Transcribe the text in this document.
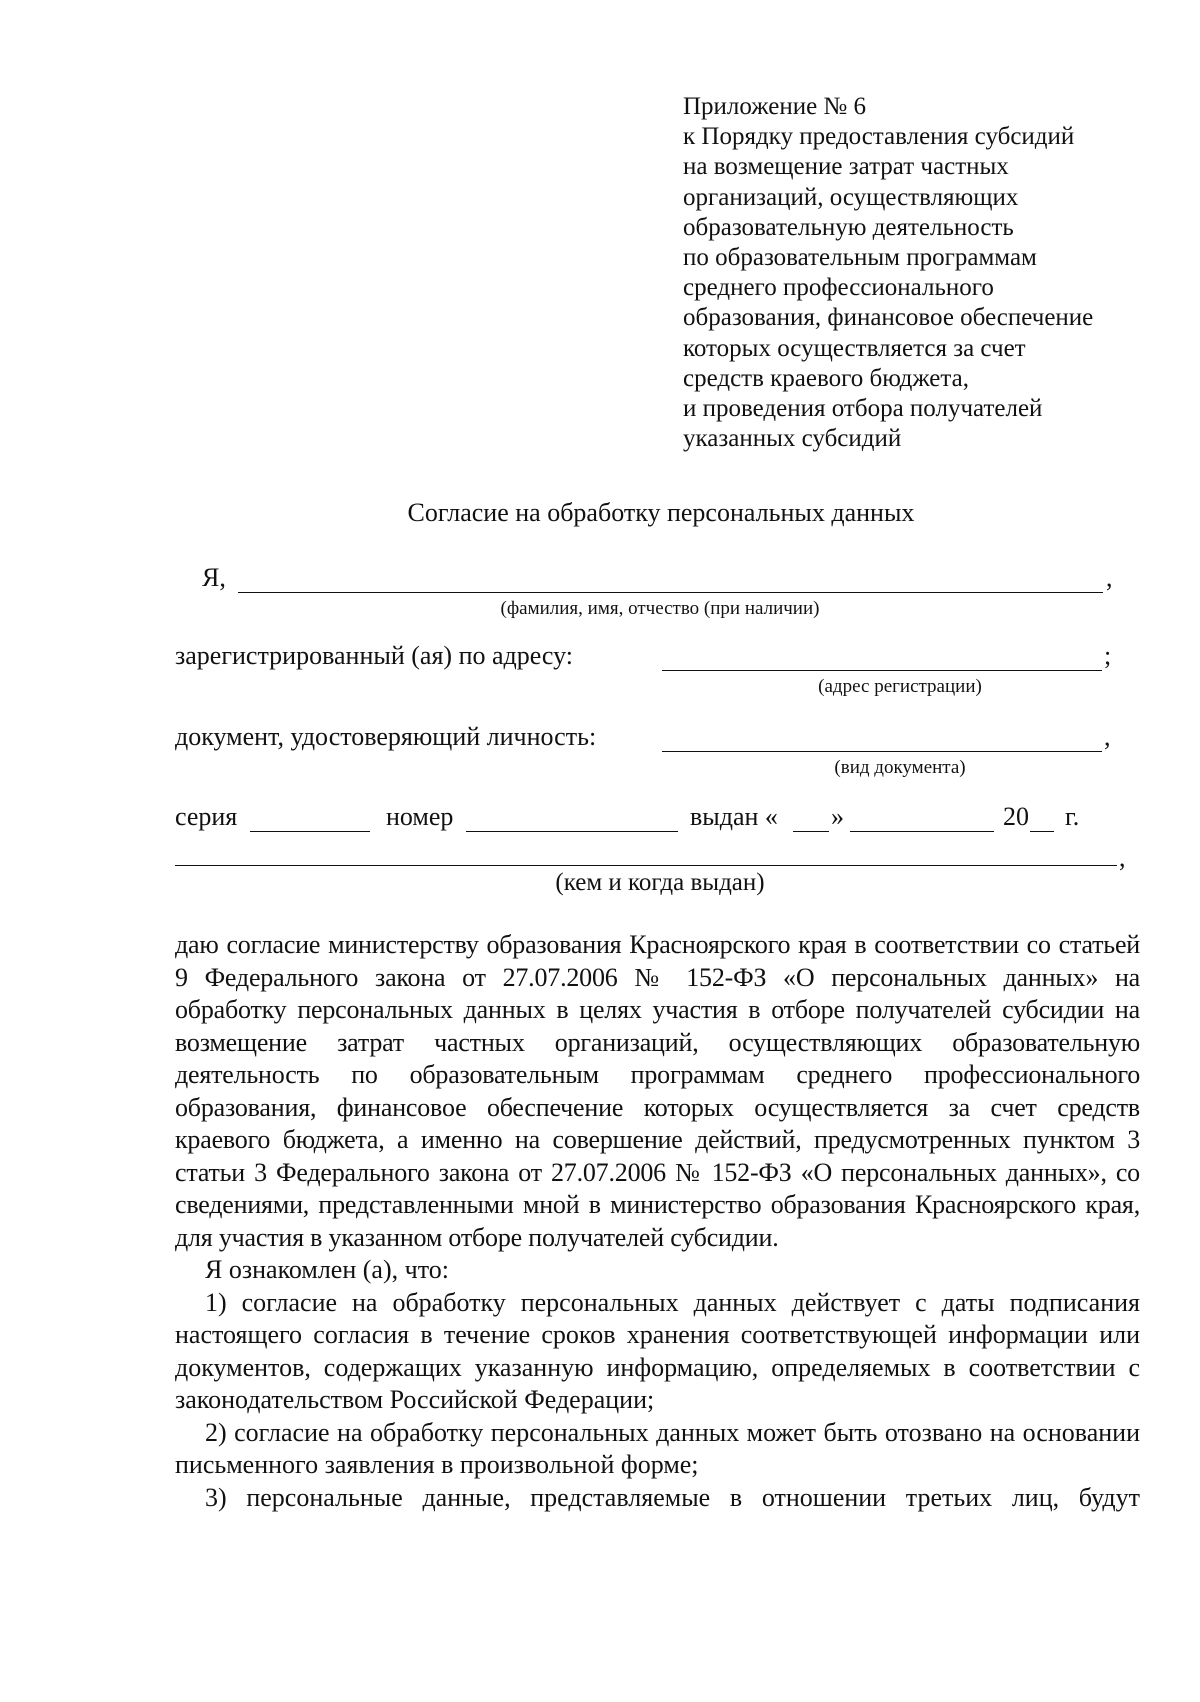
Приложение № 6
к Порядку предоставления субсидий
на возмещение затрат частных
организаций, осуществляющих
образовательную деятельность
по образовательным программам
среднего профессионального
образования, финансовое обеспечение
которых осуществляется за счет
средств краевого бюджета,
и проведения отбора получателей
указанных субсидий
Согласие на обработку персональных данных
Я,	,
(фамилия, имя, отчество (при наличии)
зарегистрированный (ая) по адресу:	;
(адрес регистрации)
документ, удостоверяющий личность:	,
(вид документа)
серия	номер	выдан « »	20 г.
,
(кем и когда выдан)

даю согласие министерству образования Красноярского края в соответствии со статьей 9 Федерального закона от 27.07.2006 № 152-ФЗ «О персональных данных» на обработку персональных данных в целях участия в отборе получателей субсидии на возмещение затрат частных организаций, осуществляющих образовательную деятельность по образовательным программам среднего профессионального образования, финансовое обеспечение которых осуществляется за счет средств краевого бюджета, а именно на совершение действий, предусмотренных пунктом 3 статьи 3 Федерального закона от 27.07.2006 № 152-ФЗ «О персональных данных», со сведениями, представленными мной в министерство образования Красноярского края, для участия в указанном отборе получателей субсидии.

Я ознакомлен (а), что:

1) согласие на обработку персональных данных действует с даты подписания настоящего согласия в течение сроков хранения соответствующей информации или документов, содержащих указанную информацию, определяемых в соответствии с законодательством Российской Федерации;

2) согласие на обработку персональных данных может быть отозвано на основании письменного заявления в произвольной форме;

3) персональные данные, представляемые в отношении третьих лиц, будут
